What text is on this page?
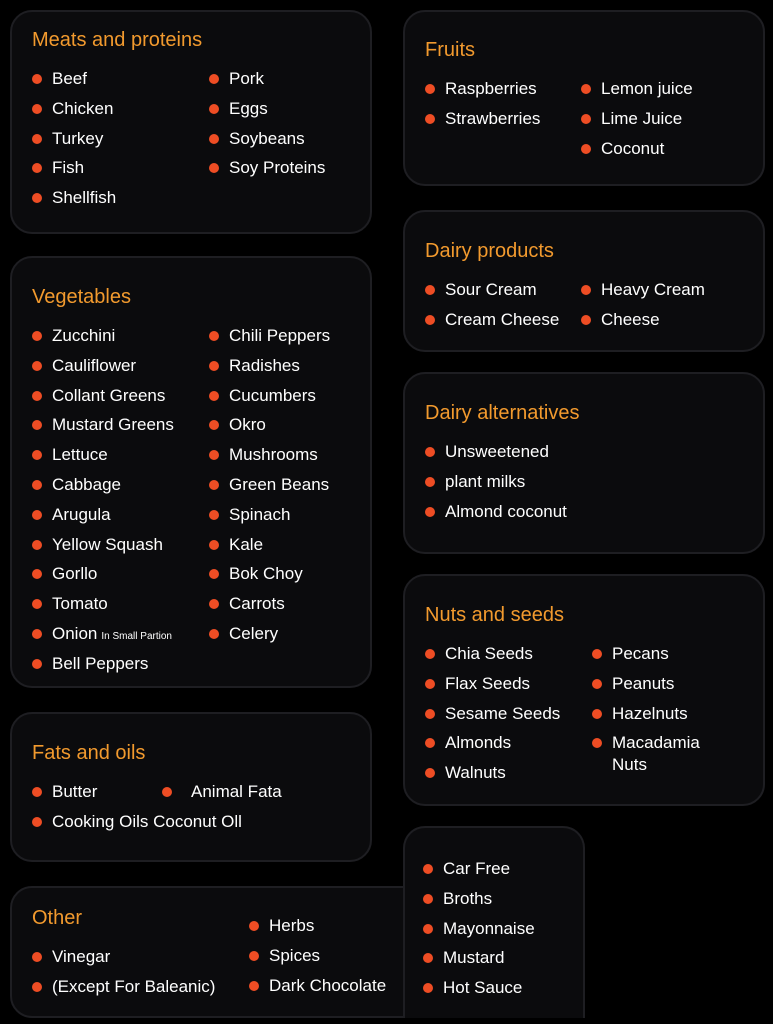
Meats and proteins
Beef
Chicken
Turkey
Fish
Shellfish
Pork
Eggs
Soybeans
Soy Proteins
Vegetables
Zucchini
Cauliflower
Collant Greens
Mustard Greens
Lettuce
Cabbage
Arugula
Yellow Squash
Gorllo
Tomato
Onion In Small Partion
Bell Peppers
Chili Peppers
Radishes
Cucumbers
Okro
Mushrooms
Green Beans
Spinach
Kale
Bok Choy
Carrots
Celery
Fats and oils
Butter
Cooking Oils Coconut Oll
Animal Fata
Other
Vinegar
(Except For Baleanic)
Herbs
Spices
Dark Chocolate
Car Free
Broths
Mayonnaise
Mustard
Hot Sauce
Fruits
Raspberries
Strawberries
Lemon juice
Lime Juice
Coconut
Dairy products
Sour Cream
Cream Cheese
Heavy Cream
Cheese
Dairy alternatives
Unsweetened
plant milks
Almond coconut
Nuts and seeds
Chia Seeds
Flax Seeds
Sesame Seeds
Almonds
Walnuts
Pecans
Peanuts
Hazelnuts
Macadamia
Nuts
